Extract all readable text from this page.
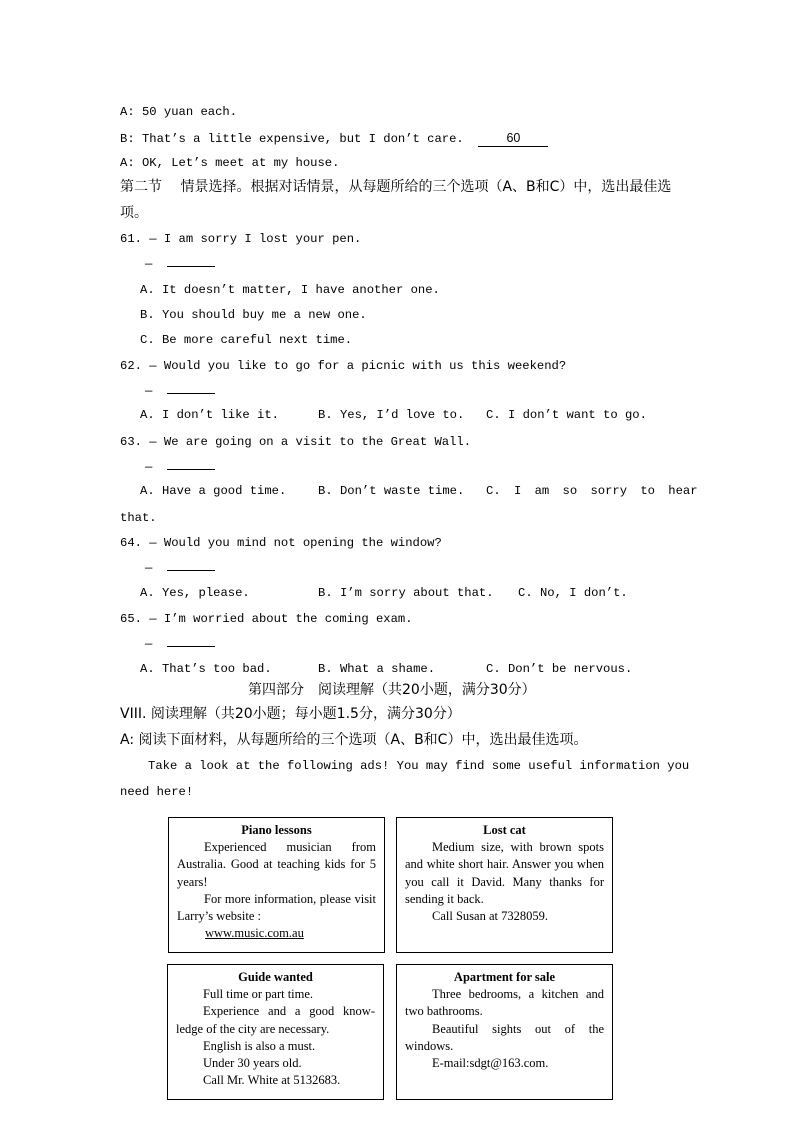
A: 50 yuan each.
B: That’s a little expensive, but I don’t care.	60
A: OK, Let’s meet at my house.
第二节　 情景选择。根据对话情景，从每题所给的三个选项（A、B和C）中，选出最佳选
项。
61. — I am sorry I lost your pen.
—
A. It doesn’t matter, I have another one.
B. You should buy me a new one.
C. Be more careful next time.
62. — Would you like to go for a picnic with us this weekend?
—
A. I don’t like it.	B. Yes, I’d love to. C. I don’t want to go.
63. — We are going on a visit to the Great Wall.
—
A. Have a good time.	B. Don’t waste time. C. I am so sorry to hear
that.
64. — Would you mind not opening the window?
—
A. Yes, please.	B. I’m sorry about that. C. No, I don’t.
65. — I’m worried about the coming exam.
—
A. That’s too bad.	B. What a shame.	C. Don’t be nervous.
第四部分　阅读理解（共20小题，满分30分）
VIII. 阅读理解（共20小题；每小题1.5分，满分30分）
A: 阅读下面材料，从每题所给的三个选项（A、B和C）中，选出最佳选项。
Take a look at the following ads! You may find some useful information you
need here!
Piano lessons

Experienced musician from Australia. Good at teaching kids for 5 years!

For more information, please visit Larry’s website :

www.music.com.au
Lost cat

Medium size, with brown spots and white short hair. Answer you when you call it David. Many thanks for sending it back.

Call Susan at 7328059.

Guide wanted

Full time or part time.

Experience and a good know-ledge of the city are necessary.

English is also a must.

Under 30 years old.

Call Mr. White at 5132683.

Apartment for sale

Three bedrooms, a kitchen and two bathrooms.

Beautiful sights out of the windows.

E-mail:sdgt@163.com.
